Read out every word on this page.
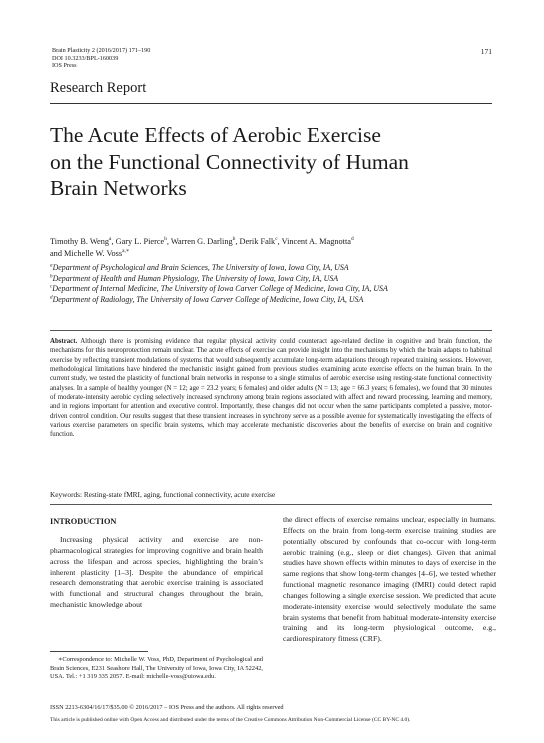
Brain Plasticity 2 (2016/2017) 171–190
DOI 10.3233/BPL-160039
IOS Press
171
Research Report
The Acute Effects of Aerobic Exercise
on the Functional Connectivity of Human
Brain Networks
Timothy B. Weng$^a$, Gary L. Pierce$^b$, Warren G. Darling$^b$, Derik Falk$^c$, Vincent A. Magnotta$^d$
and Michelle W. Voss$^{a,∗}$
$^a$Department of Psychological and Brain Sciences, The University of Iowa, Iowa City, IA, USA
$^b$Department of Health and Human Physiology, The University of Iowa, Iowa City, IA, USA
$^c$Department of Internal Medicine, The University of Iowa Carver College of Medicine, Iowa City, IA, USA
$^d$Department of Radiology, The University of Iowa Carver College of Medicine, Iowa City, IA, USA
Abstract. Although there is promising evidence that regular physical activity could counteract age-related decline in cognitive and brain function, the mechanisms for this neuroprotection remain unclear. The acute effects of exercise can provide insight into the mechanisms by which the brain adapts to habitual exercise by reflecting transient modulations of systems that would subsequently accumulate long-term adaptations through repeated training sessions. However, methodological limitations have hindered the mechanistic insight gained from previous studies examining acute exercise effects on the human brain. In the current study, we tested the plasticity of functional brain networks in response to a single stimulus of aerobic exercise using resting-state functional connectivity analyses. In a sample of healthy younger (N = 12; age = 23.2 years; 6 females) and older adults (N = 13; age = 66.3 years; 6 females), we found that 30 minutes of moderate-intensity aerobic cycling selectively increased synchrony among brain regions associated with affect and reward processing, learning and memory, and in regions important for attention and executive control. Importantly, these changes did not occur when the same participants completed a passive, motor-driven control condition. Our results suggest that these transient increases in synchrony serve as a possible avenue for systematically investigating the effects of various exercise parameters on specific brain systems, which may accelerate mechanistic discoveries about the benefits of exercise on brain and cognitive function.
Keywords: Resting-state fMRI, aging, functional connectivity, acute exercise
INTRODUCTION
Increasing physical activity and exercise are non-pharmacological strategies for improving cognitive and brain health across the lifespan and across species, highlighting the brain’s inherent plasticity [1–3]. Despite the abundance of empirical research demonstrating that aerobic exercise training is associated with functional and structural changes throughout the brain, mechanistic knowledge about
the direct effects of exercise remains unclear, especially in humans. Effects on the brain from long-term exercise training studies are potentially obscured by confounds that co-occur with long-term aerobic training (e.g., sleep or diet changes). Given that animal studies have shown effects within minutes to days of exercise in the same regions that show long-term changes [4–6], we tested whether functional magnetic resonance imaging (fMRI) could detect rapid changes following a single exercise session. We predicted that acute moderate-intensity exercise would selectively modulate the same brain systems that benefit from habitual moderate-intensity exercise training and its long-term physiological outcome, e.g., cardiorespiratory fitness (CRF).
∗Correspondence to: Michelle W. Voss, PhD, Department of Psychological and Brain Sciences, E231 Seashore Hall, The University of Iowa, Iowa City, IA 52242, USA. Tel.: +1 319 335 2057. E-mail: michelle-voss@uiowa.edu.
ISSN 2213-6304/16/17/$35.00 © 2016/2017 – IOS Press and the authors. All rights reserved
This article is published online with Open Access and distributed under the terms of the Creative Commons Attribution Non-Commercial License (CC BY-NC 4.0).
